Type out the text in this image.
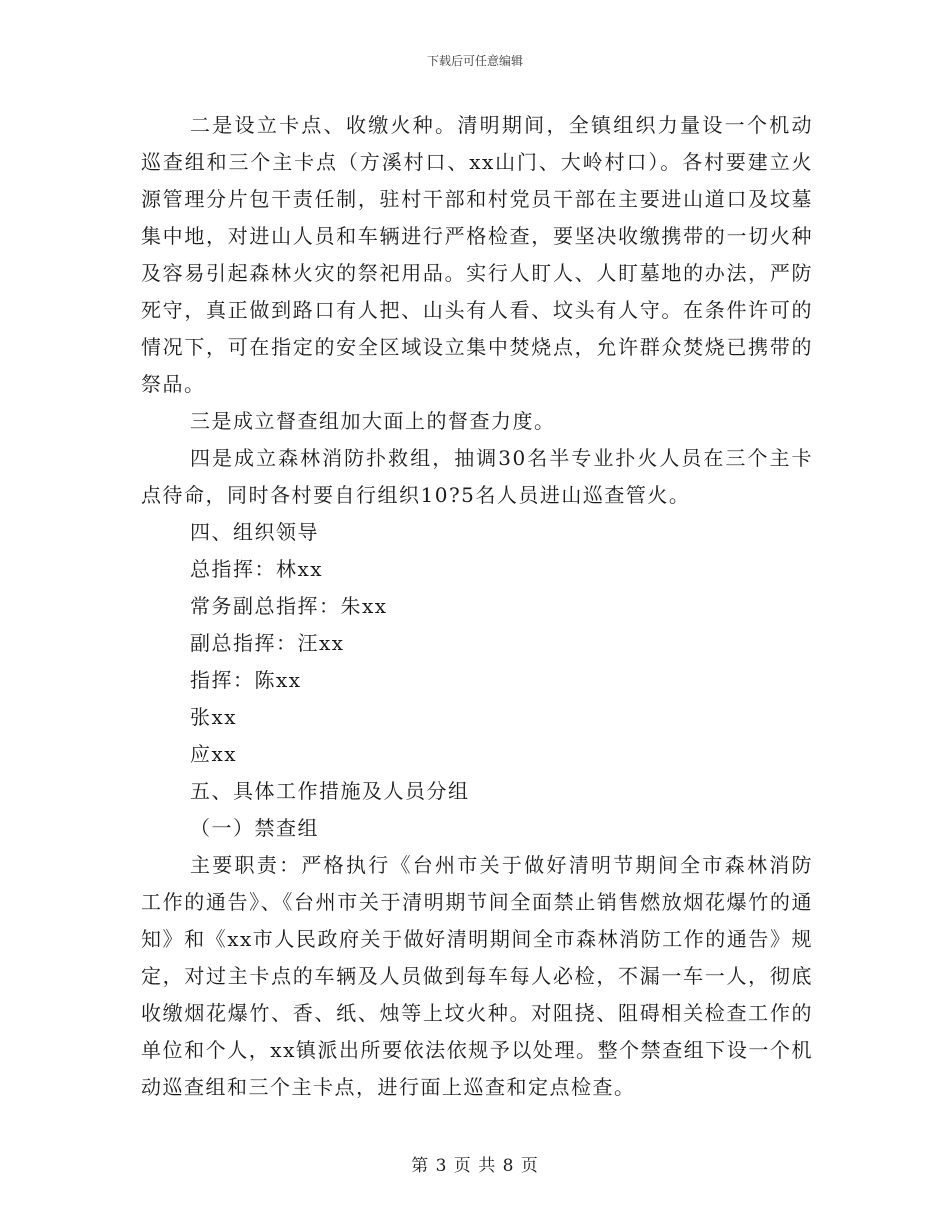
下载后可任意编辑

二是设立卡点、收缴火种。清明期间，全镇组织力量设一个机动巡查组和三个主卡点（方溪村口、xx山门、大岭村口）。各村要建立火源管理分片包干责任制，驻村干部和村党员干部在主要进山道口及坟墓集中地，对进山人员和车辆进行严格检查，要坚决收缴携带的一切火种及容易引起森林火灾的祭祀用品。实行人盯人、人盯墓地的办法，严防死守，真正做到路口有人把、山头有人看、坟头有人守。在条件许可的情况下，可在指定的安全区域设立集中焚烧点，允许群众焚烧已携带的祭品。

三是成立督查组加大面上的督查力度。

四是成立森林消防扑救组，抽调30名半专业扑火人员在三个主卡点待命，同时各村要自行组织10?5名人员进山巡查管火。

四、组织领导

总指挥：林xx

常务副总指挥：朱xx

副总指挥：汪xx

指挥：陈xx

张xx

应xx

五、具体工作措施及人员分组

（一）禁查组

主要职责：严格执行《台州市关于做好清明节期间全市森林消防工作的通告》、《台州市关于清明期节间全面禁止销售燃放烟花爆竹的通知》和《xx市人民政府关于做好清明期间全市森林消防工作的通告》规定，对过主卡点的车辆及人员做到每车每人必检，不漏一车一人，彻底收缴烟花爆竹、香、纸、烛等上坟火种。对阻挠、阻碍相关检查工作的单位和个人，xx镇派出所要依法依规予以处理。整个禁查组下设一个机动巡查组和三个主卡点，进行面上巡查和定点检查。

第 3 页 共 8 页
